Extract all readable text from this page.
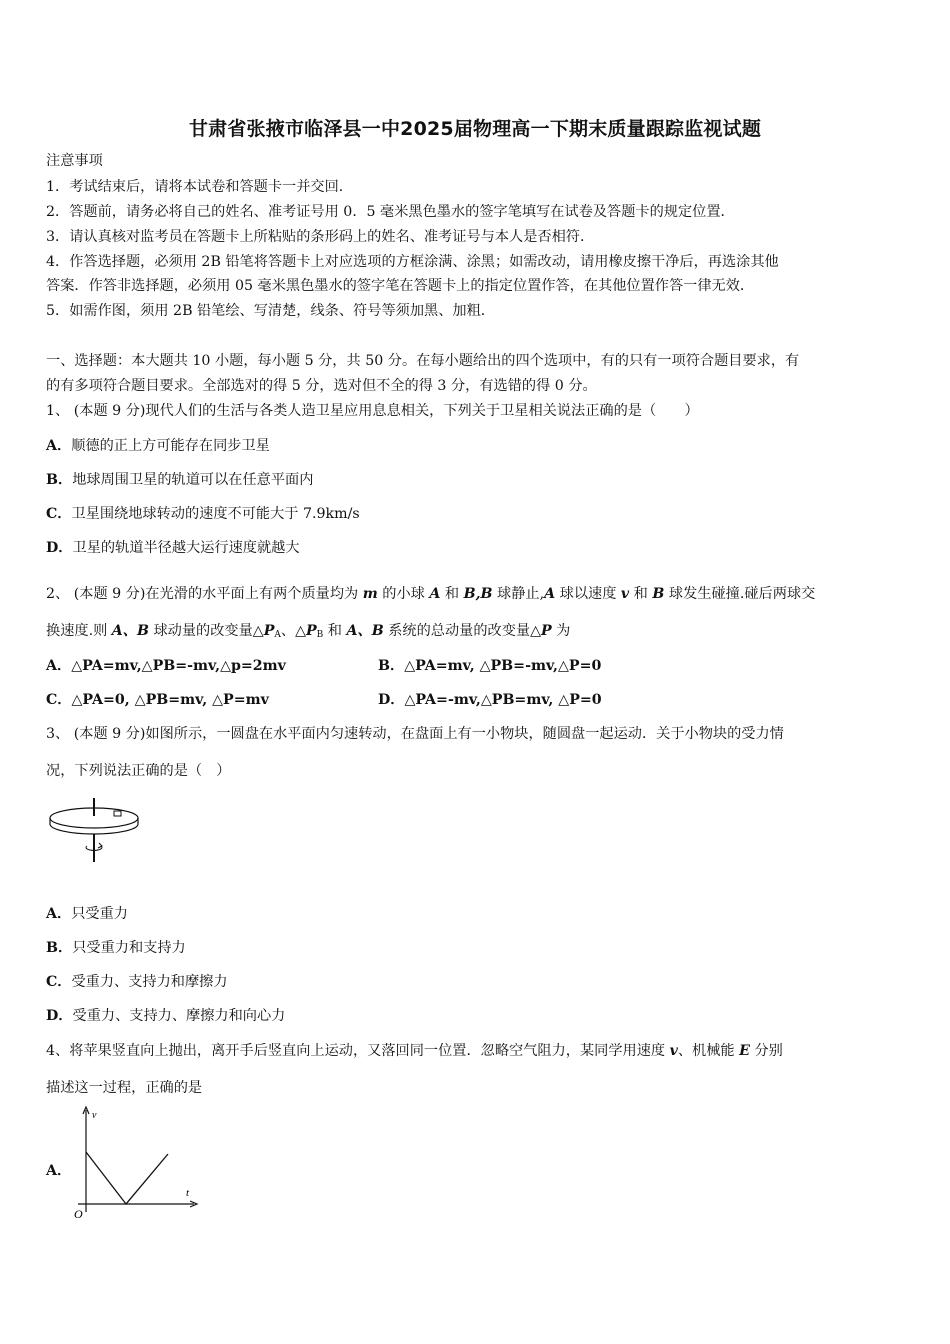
甘肃省张掖市临泽县一中2025届物理高一下期末质量跟踪监视试题
注意事项
1．考试结束后，请将本试卷和答题卡一并交回．
2．答题前，请务必将自己的姓名、准考证号用 0．5 毫米黑色墨水的签字笔填写在试卷及答题卡的规定位置．
3．请认真核对监考员在答题卡上所粘贴的条形码上的姓名、准考证号与本人是否相符．
4．作答选择题，必须用 2B 铅笔将答题卡上对应选项的方框涂满、涂黑；如需改动，请用橡皮擦干净后，再选涂其他
答案．作答非选择题，必须用 05 毫米黑色墨水的签字笔在答题卡上的指定位置作答，在其他位置作答一律无效．
5．如需作图，须用 2B 铅笔绘、写清楚，线条、符号等须加黑、加粗．
一、选择题：本大题共 10 小题，每小题 5 分，共 50 分。在每小题给出的四个选项中，有的只有一项符合题目要求，有
的有多项符合题目要求。全部选对的得 5 分，选对但不全的得 3 分，有选错的得 0 分。
1、 (本题 9 分)现代人们的生活与各类人造卫星应用息息相关，下列关于卫星相关说法正确的是（　　）
A．顺德的正上方可能存在同步卫星
B．地球周围卫星的轨道可以在任意平面内
C．卫星围绕地球转动的速度不可能大于 7.9km/s
D．卫星的轨道半径越大运行速度就越大
2、 (本题 9 分)在光滑的水平面上有两个质量均为 m 的小球 A 和 B,B 球静止,A 球以速度 v 和 B 球发生碰撞.碰后两球交
换速度.则 A、B 球动量的改变量$\triangle P_A$、$\triangle P_B$ 和 A、B 系统的总动量的改变量△P 为
A．△PA=mv,△PB=-mv,△p=2mv	B．△PA=mv, △PB=-mv,△P=0
C．△PA=0, △PB=mv, △P=mv	D．△PA=-mv,△PB=mv, △P=0
3、 (本题 9 分)如图所示，一圆盘在水平面内匀速转动，在盘面上有一小物块，随圆盘一起运动．关于小物块的受力情
况，下列说法正确的是（　）
A．只受重力
B．只受重力和支持力
C．受重力、支持力和摩擦力
D．受重力、支持力、摩擦力和向心力
4、将苹果竖直向上抛出，离开手后竖直向上运动，又落回同一位置．忽略空气阻力，某同学用速度 v、机械能 E 分别
描述这一过程，正确的是
A．
v
t
O
